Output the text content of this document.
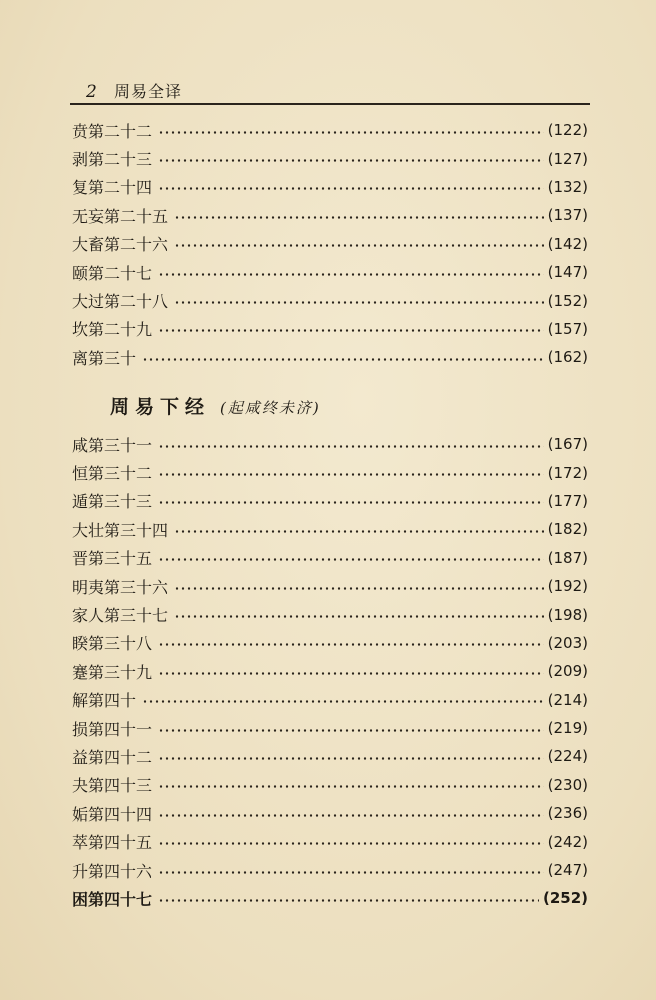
2	周易全译
贲第二十二	(122)
剥第二十三	(127)
复第二十四	(132)
无妄第二十五	(137)
大畜第二十六	(142)
颐第二十七	(147)
大过第二十八	(152)
坎第二十九	(157)
离第三十	(162)
周易下经 (起咸终未济)
咸第三十一	(167)
恒第三十二	(172)
遁第三十三	(177)
大壮第三十四	(182)
晋第三十五	(187)
明夷第三十六	(192)
家人第三十七	(198)
睽第三十八	(203)
蹇第三十九	(209)
解第四十	(214)
损第四十一	(219)
益第四十二	(224)
夬第四十三	(230)
姤第四十四	(236)
萃第四十五	(242)
升第四十六	(247)
困第四十七	(252)
